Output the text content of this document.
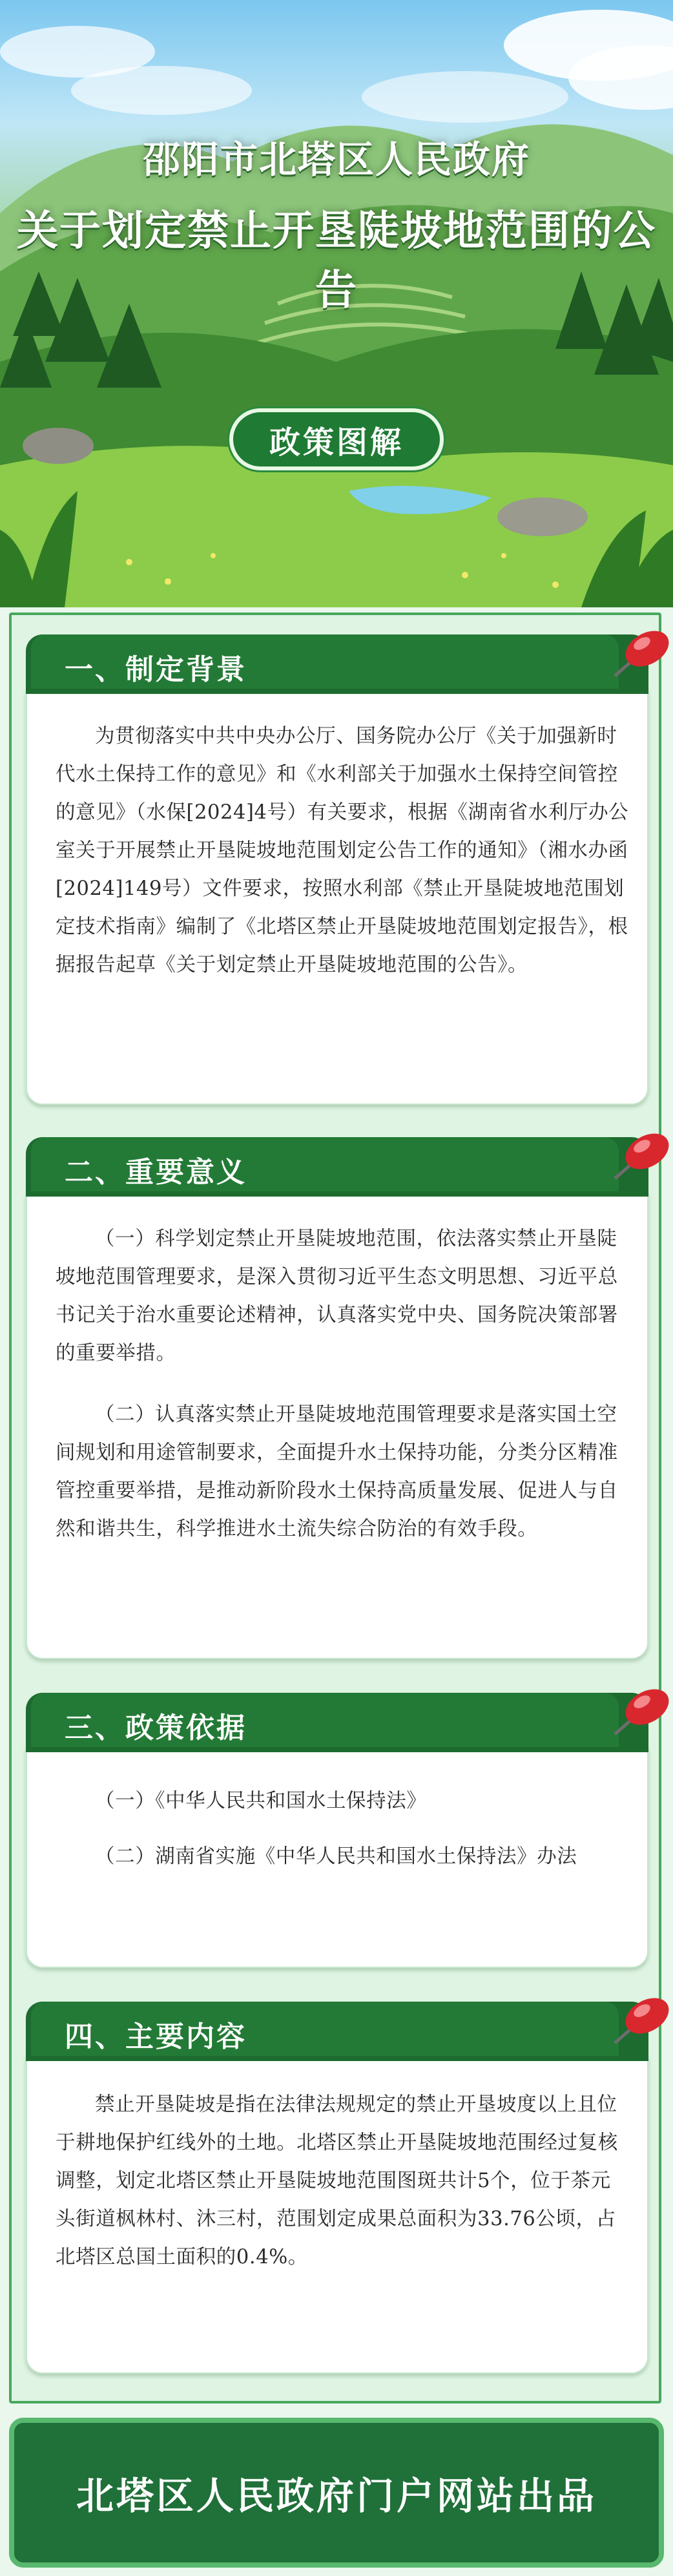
邵阳市北塔区人民政府
关于划定禁止开垦陡坡地范围的公告
政策图解
一、制定背景
为贯彻落实中共中央办公厅、国务院办公厅《关于加强新时代水土保持工作的意见》和《水利部关于加强水土保持空间管控的意见》（水保[2024]4号）有关要求，根据《湖南省水利厅办公室关于开展禁止开垦陡坡地范围划定公告工作的通知》（湘水办函[2024]149号）文件要求，按照水利部《禁止开垦陡坡地范围划定技术指南》编制了《北塔区禁止开垦陡坡地范围划定报告》，根据报告起草《关于划定禁止开垦陡坡地范围的公告》。
二、重要意义
（一）科学划定禁止开垦陡坡地范围，依法落实禁止开垦陡坡地范围管理要求，是深入贯彻习近平生态文明思想、习近平总书记关于治水重要论述精神，认真落实党中央、国务院决策部署的重要举措。
（二）认真落实禁止开垦陡坡地范围管理要求是落实国土空间规划和用途管制要求，全面提升水土保持功能，分类分区精准管控重要举措，是推动新阶段水土保持高质量发展、促进人与自然和谐共生，科学推进水土流失综合防治的有效手段。
三、政策依据
（一）《中华人民共和国水土保持法》
（二）湖南省实施《中华人民共和国水土保持法》办法
四、主要内容
禁止开垦陡坡是指在法律法规规定的禁止开垦坡度以上且位于耕地保护红线外的土地。北塔区禁止开垦陡坡地范围经过复核调整，划定北塔区禁止开垦陡坡地范围图斑共计5个，位于茶元头街道枫林村、沐三村，范围划定成果总面积为33.76公顷，占北塔区总国土面积的0.4%。
北塔区人民政府门户网站出品
